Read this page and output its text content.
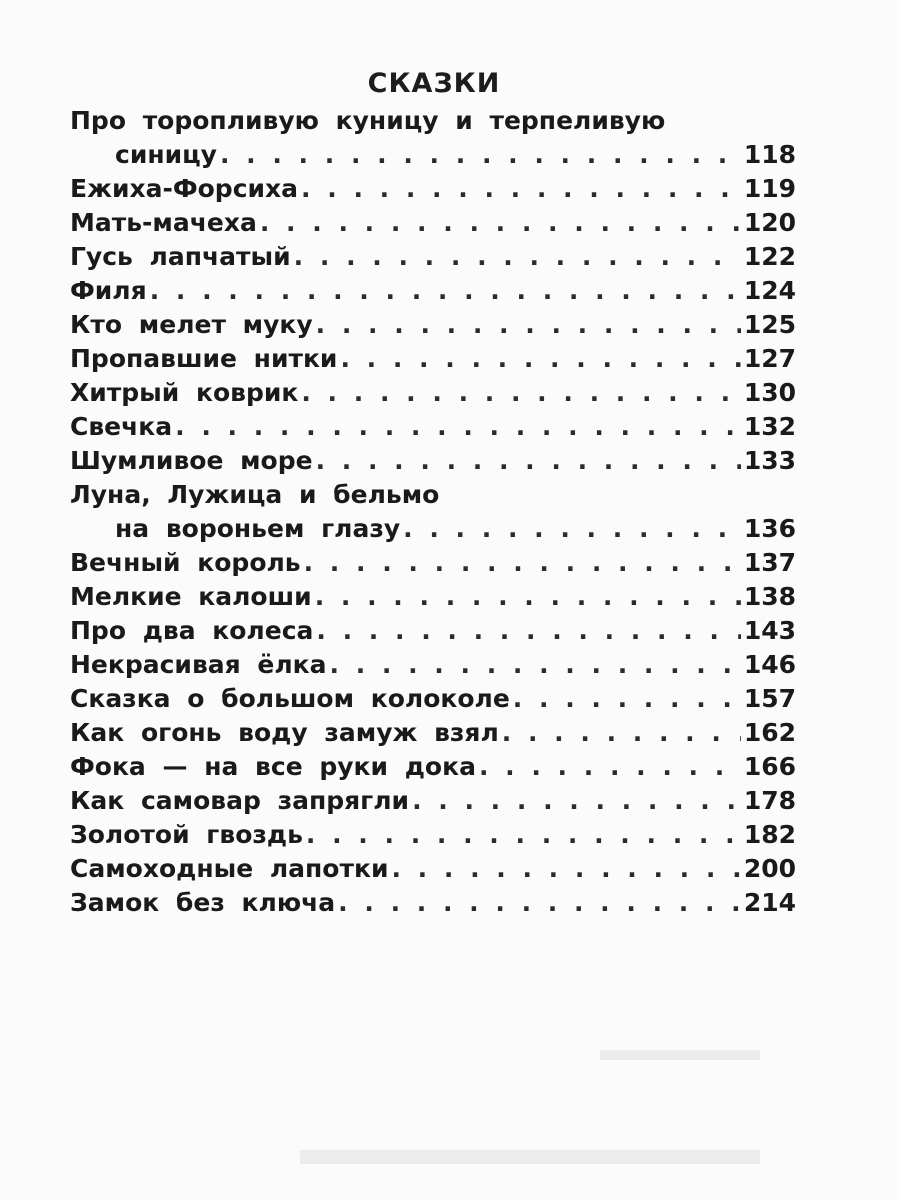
СКАЗКИ
Про торопливую куницу и терпеливую
синицу . . .	118
Ежиха-Форсиха . . .	119
Мать-мачеха . . .	120
Гусь лапчатый . . .	122
Филя . . .	124
Кто мелет муку . . .	125
Пропавшие нитки . . .	127
Хитрый коврик . . .	130
Свечка . . .	132
Шумливое море . . .	133
Луна, Лужица и бельмо
на вороньем глазу . . .	136
Вечный король . . .	137
Мелкие калоши . . .	138
Про два колеса . . .	143
Некрасивая ёлка . . .	146
Сказка о большом колоколе . . .	157
Как огонь воду замуж взял . . .	162
Фока — на все руки дока . . .	166
Как самовар запрягли . . .	178
Золотой гвоздь . . .	182
Самоходные лапотки . . .	200
Замок без ключа . . .	214
